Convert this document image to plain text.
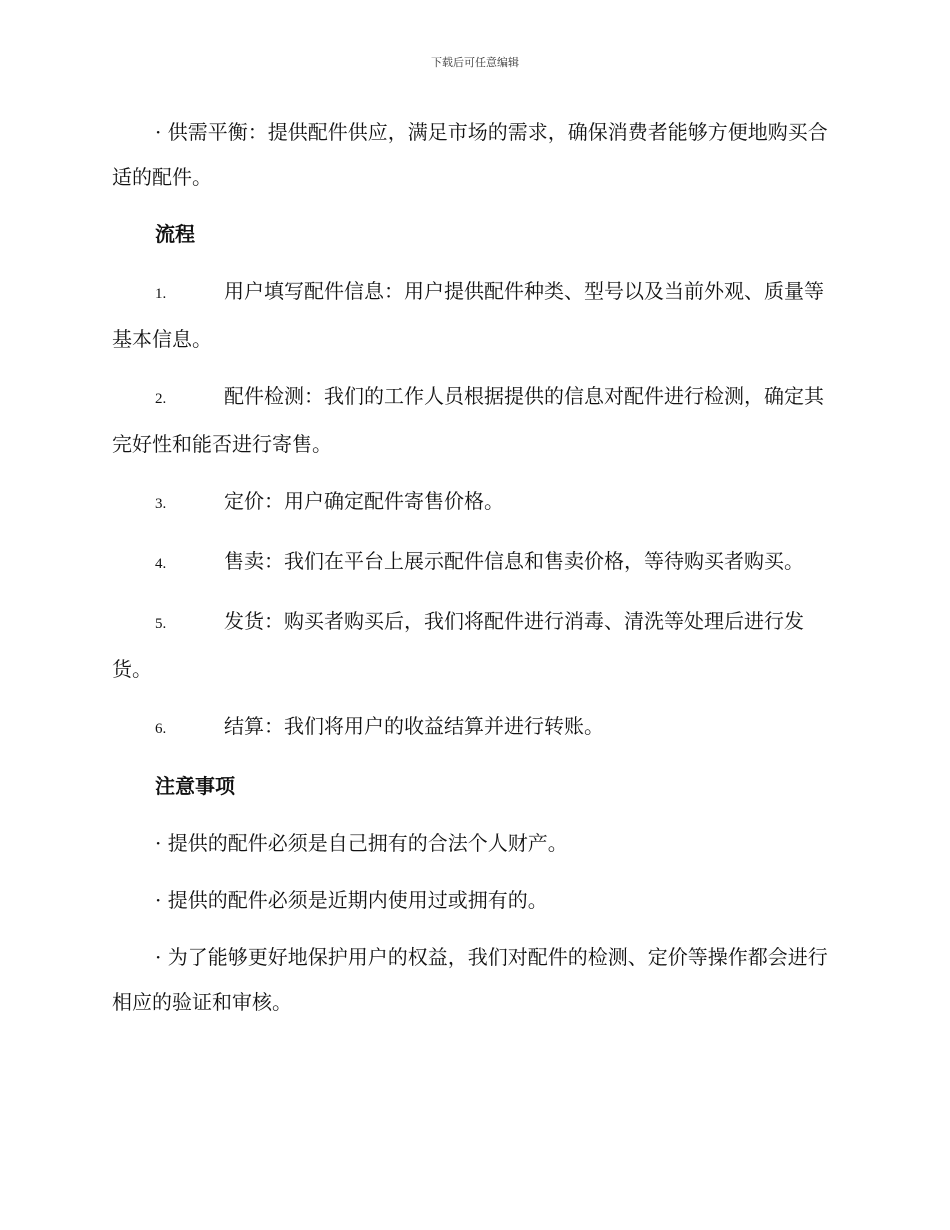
下载后可任意编辑

· 供需平衡：提供配件供应，满足市场的需求，确保消费者能够方便地购买合适的配件。

流程

1.	用户填写配件信息：用户提供配件种类、型号以及当前外观、质量等基本信息。

2.	配件检测：我们的工作人员根据提供的信息对配件进行检测，确定其完好性和能否进行寄售。

3.	定价：用户确定配件寄售价格。

4.	售卖：我们在平台上展示配件信息和售卖价格，等待购买者购买。

5.	发货：购买者购买后，我们将配件进行消毒、清洗等处理后进行发货。

6.	结算：我们将用户的收益结算并进行转账。

注意事项

· 提供的配件必须是自己拥有的合法个人财产。

· 提供的配件必须是近期内使用过或拥有的。

· 为了能够更好地保护用户的权益，我们对配件的检测、定价等操作都会进行相应的验证和审核。
